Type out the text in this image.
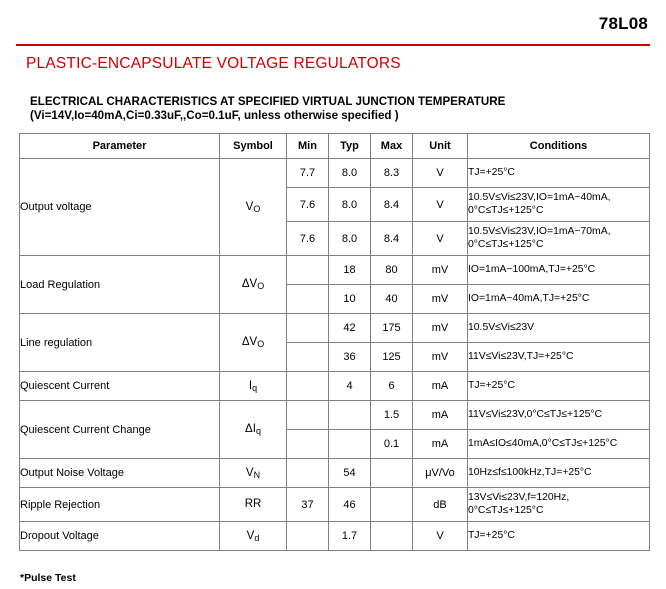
78L08
PLASTIC-ENCAPSULATE VOLTAGE REGULATORS
ELECTRICAL CHARACTERISTICS AT SPECIFIED VIRTUAL JUNCTION TEMPERATURE
(Vi=14V,Io=40mA,Ci=0.33uF,,Co=0.1uF, unless otherwise specified )
Parameter	Symbol	Min	Typ	Max	Unit	Conditions
Output voltage	$V_O$	7.7	8.0	8.3	V	TJ=+25°C

		7.6	8.0	8.4	V	10.5V≤Vi≤23V,IO=1mA~40mA,
0°C≤TJ≤+125°C

		7.6	8.0	8.4	V	10.5V≤Vi≤23V,IO=1mA~70mA,
0°C≤TJ≤+125°C

Load Regulation	$\Delta V_O$		18	80	mV	IO=1mA~100mA,TJ=+25°C

			10	40	mV	IO=1mA~40mA,TJ=+25°C

Line regulation	$\Delta V_O$		42	175	mV	10.5V≤Vi≤23V

			36	125	mV	11V≤Vi≤23V,TJ=+25°C

Quiescent Current	$I_q$		4	6	mA	TJ=+25°C

Quiescent Current Change	$\Delta I_q$			1.5	mA	11V≤Vi≤23V,0°C≤TJ≤+125°C

				0.1	mA	1mA≤IO≤40mA,0°C≤TJ≤+125°C

Output Noise Voltage	$V_N$		54		μV/Vo	10Hz≤f≤100kHz,TJ=+25°C

Ripple Rejection	RR	37	46		dB	13V≤Vi≤23V,f=120Hz,
0°C≤TJ≤+125°C

Dropout Voltage	$V_d$		1.7		V	TJ=+25°C
*Pulse Test
